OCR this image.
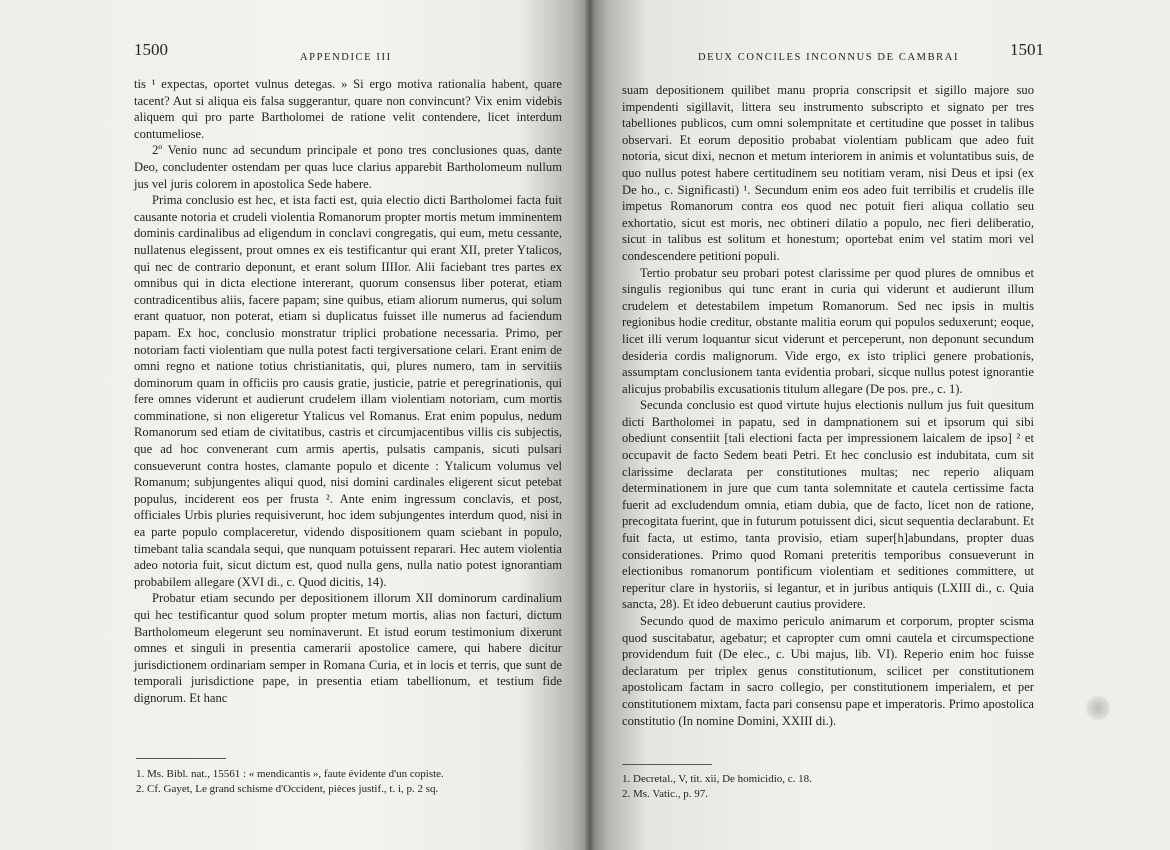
1500	APPENDICE III

tis ¹ expectas, oportet vulnus detegas. » Si ergo motiva rationalia habent, quare tacent? Aut si aliqua eis falsa suggerantur, quare non convincunt? Vix enim videbis aliquem qui pro parte Bartholomei de ratione velit contendere, licet interdum contumeliose.

2º Venio nunc ad secundum principale et pono tres conclusiones quas, dante Deo, concludenter ostendam per quas luce clarius apparebit Bartholomeum nullum jus vel juris colorem in apostolica Sede habere.

Prima conclusio est hec, et ista facti est, quia electio dicti Bartholomei facta fuit causante notoria et crudeli violentia Romanorum propter mortis metum imminentem dominis cardinalibus ad eligendum in conclavi congregatis, qui eum, metu cessante, nullatenus elegissent, prout omnes ex eis testificantur qui erant XII, preter Ytalicos, qui nec de contrario deponunt, et erant solum IIIIor. Alii faciebant tres partes ex omnibus qui in dicta electione intererant, quorum consensus liber poterat, etiam contradicentibus aliis, facere papam; sine quibus, etiam aliorum numerus, qui solum erant quatuor, non poterat, etiam si duplicatus fuisset ille numerus ad faciendum papam. Ex hoc, conclusio monstratur triplici probatione necessaria. Primo, per notoriam facti violentiam que nulla potest facti tergiversatione celari. Erant enim de omni regno et natione totius christianitatis, qui, plures numero, tam in servitiis dominorum quam in officiis pro causis gratie, justicie, patrie et peregrinationis, qui fere omnes viderunt et audierunt crudelem illam violentiam notoriam, cum mortis comminatione, si non eligeretur Ytalicus vel Romanus. Erat enim populus, nedum Romanorum sed etiam de civitatibus, castris et circumjacentibus villis cis subjectis, que ad hoc convenerant cum armis apertis, pulsatis campanis, sicuti pulsari consueverunt contra hostes, clamante populo et dicente : Ytalicum volumus vel Romanum; subjungentes aliqui quod, nisi domini cardinales eligerent sicut petebat populus, inciderent eos per frusta ². Ante enim ingressum conclavis, et post, officiales Urbis pluries requisiverunt, hoc idem subjungentes interdum quod, nisi in ea parte populo complaceretur, videndo dispositionem quam sciebant in populo, timebant talia scandala sequi, que nunquam potuissent reparari. Hec autem violentia adeo notoria fuit, sicut dictum est, quod nulla gens, nulla natio potest ignorantiam probabilem allegare (XVI di., c. Quod dicitis, 14).

Probatur etiam secundo per depositionem illorum XII dominorum cardinalium qui hec testificantur quod solum propter metum mortis, alias non facturi, dictum Bartholomeum elegerunt seu nominaverunt. Et istud eorum testimonium dixerunt omnes et singuli in presentia camerarii apostolice camere, qui habere dicitur jurisdictionem ordinariam semper in Romana Curia, et in locis et terris, que sunt de temporali jurisdictione pape, in presentia etiam tabellionum, et testium fide dignorum. Et hanc

1. Ms. Bibl. nat., 15561 : « mendicantis », faute évidente d'un copiste.
2. Cf. Gayet, Le grand schisme d'Occident, pièces justif., t. i, p. 2 sq.
DEUX CONCILES INCONNUS DE CAMBRAI	1501

suam depositionem quilibet manu propria conscripsit et sigillo majore suo impendenti sigillavit, littera seu instrumento subscripto et signato per tres tabelliones publicos, cum omni solempnitate et certitudine que posset in talibus observari. Et eorum depositio probabat violentiam publicam que adeo fuit notoria, sicut dixi, necnon et metum interiorem in animis et voluntatibus suis, de quo nullus potest habere certitudinem seu notitiam veram, nisi Deus et ipsi (ex De ho., c. Significasti) ¹. Secundum enim eos adeo fuit terribilis et crudelis ille impetus Romanorum contra eos quod nec potuit fieri aliqua collatio seu exhortatio, sicut est moris, nec obtineri dilatio a populo, nec fieri deliberatio, sicut in talibus est solitum et honestum; oportebat enim vel statim mori vel condescendere petitioni populi.

Tertio probatur seu probari potest clarissime per quod plures de omnibus et singulis regionibus qui tunc erant in curia qui viderunt et audierunt illum crudelem et detestabilem impetum Romanorum. Sed nec ipsis in multis regionibus hodie creditur, obstante malitia eorum qui populos seduxerunt; eoque, licet illi verum loquantur sicut viderunt et perceperunt, non deponunt secundum desideria cordis malignorum. Vide ergo, ex isto triplici genere probationis, assumptam conclusionem tanta evidentia probari, sicque nullus potest ignorantie alicujus probabilis excusationis titulum allegare (De pos. pre., c. 1).

Secunda conclusio est quod virtute hujus electionis nullum jus fuit quesitum dicti Bartholomei in papatu, sed in dampnationem sui et ipsorum qui sibi obediunt consentiit [tali electioni facta per impressionem laicalem de ipso] ² et occupavit de facto Sedem beati Petri. Et hec conclusio est indubitata, cum sit clarissime declarata per constitutiones multas; nec reperio aliquam determinationem in jure que cum tanta solemnitate et cautela certissime facta fuerit ad excludendum omnia, etiam dubia, que de facto, licet non de ratione, precogitata fuerint, que in futurum potuissent dici, sicut sequentia declarabunt. Et fuit facta, ut estimo, tanta provisio, etiam super[h]abundans, propter duas considerationes. Primo quod Romani preteritis temporibus consueverunt in electionibus romanorum pontificum violentiam et seditiones committere, ut reperitur clare in hystoriis, si legantur, et in juribus antiquis (LXIII di., c. Quia sancta, 28). Et ideo debuerunt cautius providere.

Secundo quod de maximo periculo animarum et corporum, propter scisma quod suscitabatur, agebatur; et capropter cum omni cautela et circumspectione providendum fuit (De elec., c. Ubi majus, lib. VI). Reperio enim hoc fuisse declaratum per triplex genus constitutionum, scilicet per constitutionem apostolicam factam in sacro collegio, per constitutionem imperialem, et per constitutionem mixtam, facta pari consensu pape et imperatoris. Primo apostolica constitutio (In nomine Domini, XXIII di.).

1. Decretal., V, tit. xii, De homicidio, c. 18.
2. Ms. Vatic., p. 97.
